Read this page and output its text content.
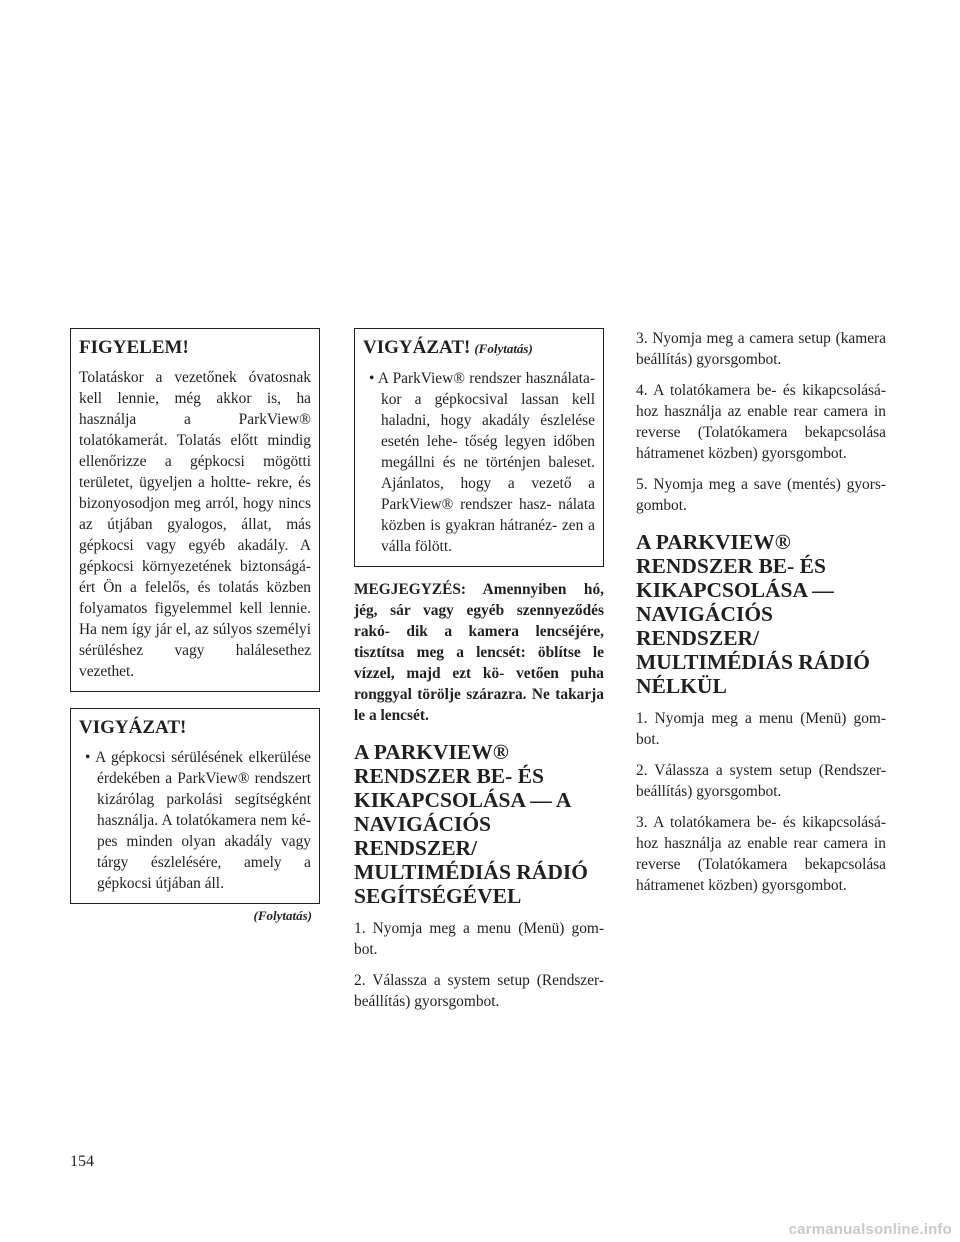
FIGYELEM!

Tolatáskor a vezetőnek óvatosnak kell lennie, még akkor is, ha használja a ParkView® tolatókamerát. Tolatás előtt mindig ellenőrizze a gépkocsi mögötti területet, ügyeljen a holtte- rekre, és bizonyosodjon meg arról, hogy nincs az útjában gyalogos, állat, más gépkocsi vagy egyéb akadály. A gépkocsi környezetének biztonságá- ért Ön a felelős, és tolatás közben folyamatos figyelemmel kell lennie. Ha nem így jár el, az súlyos személyi sérüléshez vagy halálesethez vezethet.

VIGYÁZAT!

• A gépkocsi sérülésének elkerülése érdekében a ParkView® rendszert kizárólag parkolási segítségként használja. A tolatókamera nem ké- pes minden olyan akadály vagy tárgy észlelésére, amely a gépkocsi útjában áll.

(Folytatás)
VIGYÁZAT! (Folytatás)

• A ParkView® rendszer használata- kor a gépkocsival lassan kell haladni, hogy akadály észlelése esetén lehe- tőség legyen időben megállni és ne történjen baleset. Ajánlatos, hogy a vezető a ParkView® rendszer hasz- nálata közben is gyakran hátranéz- zen a válla fölött.

MEGJEGYZÉS: Amennyiben hó, jég, sár vagy egyéb szennyeződés rakó- dik a kamera lencséjére, tisztítsa meg a lencsét: öblítse le vízzel, majd ezt kö- vetően puha ronggyal törölje szárazra. Ne takarja le a lencsét.

A PARKVIEW® RENDSZER BE- ÉS KIKAPCSOLÁSA — A NAVIGÁCIÓS RENDSZER/ MULTIMÉDIÁS RÁDIÓ SEGÍTSÉGÉVEL

1. Nyomja meg a menu (Menü) gom- bot.

2. Válassza a system setup (Rendszer- beállítás) gyorsgombot.

3. Nyomja meg a camera setup (kamera beállítás) gyorsgombot.

4. A tolatókamera be- és kikapcsolásá- hoz használja az enable rear camera in reverse (Tolatókamera bekapcsolása hátramenet közben) gyorsgombot.

5. Nyomja meg a save (mentés) gyors- gombot.

A PARKVIEW® RENDSZER BE- ÉS KIKAPCSOLÁSA — NAVIGÁCIÓS RENDSZER/ MULTIMÉDIÁS RÁDIÓ NÉLKÜL

1. Nyomja meg a menu (Menü) gom- bot.

2. Válassza a system setup (Rendszer- beállítás) gyorsgombot.

3. A tolatókamera be- és kikapcsolásá- hoz használja az enable rear camera in reverse (Tolatókamera bekapcsolása hátramenet közben) gyorsgombot.

154
carmanualsonline.info
